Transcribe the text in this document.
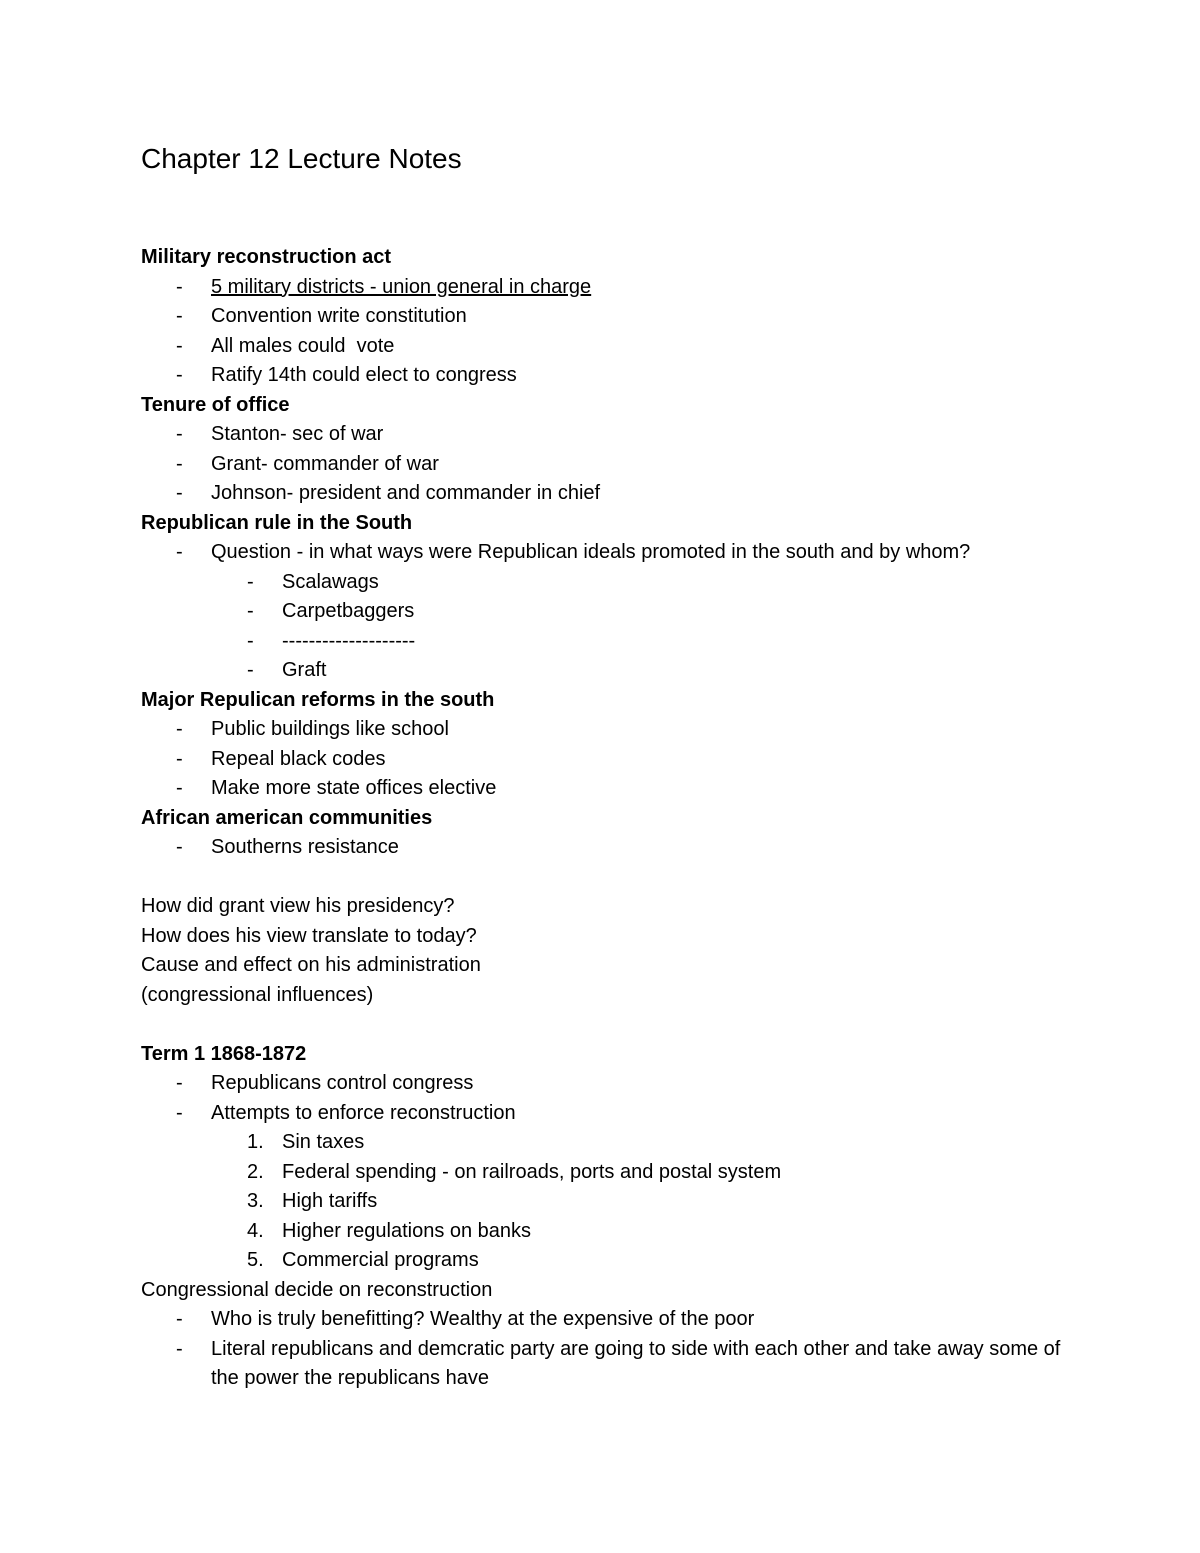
Chapter 12 Lecture Notes
Military reconstruction act
- 5 military districts - union general in charge
- Convention write constitution
- All males could  vote
- Ratify 14th could elect to congress
Tenure of office
- Stanton- sec of war
- Grant- commander of war
- Johnson- president and commander in chief
Republican rule in the South
- Question - in what ways were Republican ideals promoted in the south and by whom?
- Scalawags
- Carpetbaggers
- --------------------
- Graft
Major Repulican reforms in the south
- Public buildings like school
- Repeal black codes
- Make more state offices elective
African american communities
- Southerns resistance
How did grant view his presidency?
How does his view translate to today?
Cause and effect on his administration
(congressional influences)
Term 1 1868-1872
- Republicans control congress
- Attempts to enforce reconstruction
1. Sin taxes
2. Federal spending - on railroads, ports and postal system
3. High tariffs
4. Higher regulations on banks
5. Commercial programs
Congressional decide on reconstruction
- Who is truly benefitting? Wealthy at the expensive of the poor
- Literal republicans and demcratic party are going to side with each other and take away some of the power the republicans have
